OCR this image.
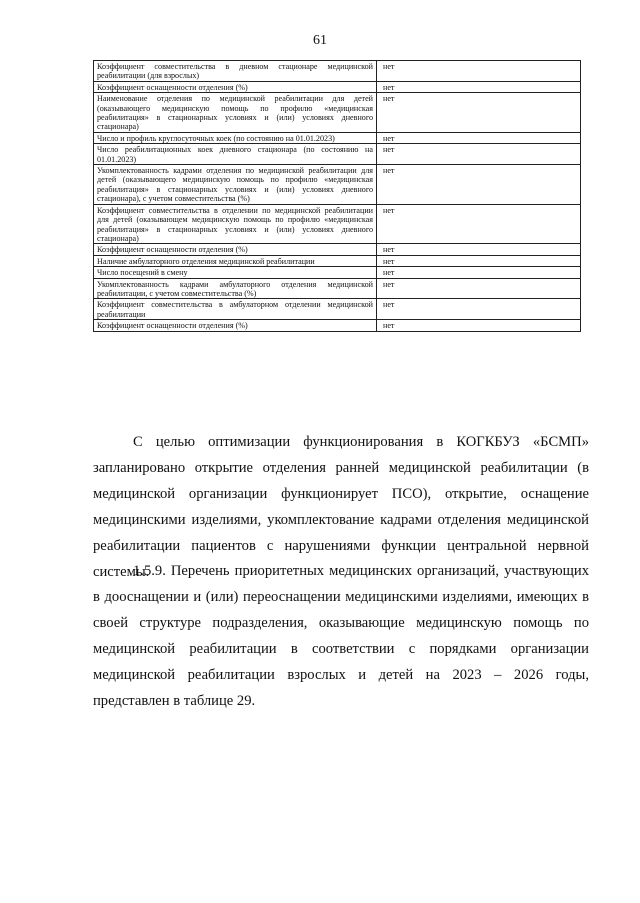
61
Коэффициент совместительства в дневном стационаре медицинской реабилитации (для взрослых)	нет
Коэффициент оснащенности отделения (%)	нет
Наименование отделения по медицинской реабилитации для детей (оказывающего медицинскую помощь по профилю «медицинская реабилитация» в стационарных условиях и (или) условиях дневного стационара)	нет
Число и профиль круглосуточных коек (по состоянию на 01.01.2023)	нет
Число реабилитационных коек дневного стационара (по состоянию на 01.01.2023)	нет
Укомплектованность кадрами отделения по медицинской реабилитации для детей (оказывающего медицинскую помощь по профилю «медицинская реабилитация» в стационарных условиях и (или) условиях дневного стационара), с учетом совместительства (%)	нет
Коэффициент совместительства в отделении по медицинской реабилитации для детей (оказывающем медицинскую помощь по профилю «медицинская реабилитация» в стационарных условиях и (или) условиях дневного стационара)	нет
Коэффициент оснащенности отделения (%)	нет
Наличие амбулаторного отделения медицинской реабилитации	нет
Число посещений в смену	нет
Укомплектованность кадрами амбулаторного отделения медицинской реабилитации, с учетом совместительства (%)	нет
Коэффициент совместительства в амбулаторном отделении медицинской реабилитации	нет
Коэффициент оснащенности отделения (%)	нет

С целью оптимизации функционирования в КОГКБУЗ «БСМП» запланировано открытие отделения ранней медицинской реабилитации (в медицинской организации функционирует ПСО), открытие, оснащение медицинскими изделиями, укомплектование кадрами отделения медицинской реабилитации пациентов с нарушениями функции центральной нервной системы.

1.5.9. Перечень приоритетных медицинских организаций, участвующих в дооснащении и (или) переоснащении медицинскими изделиями, имеющих в своей структуре подразделения, оказывающие медицинскую помощь по медицинской реабилитации в соответствии с порядками организации медицинской реабилитации взрослых и детей на 2023 – 2026 годы, представлен в таблице 29.
